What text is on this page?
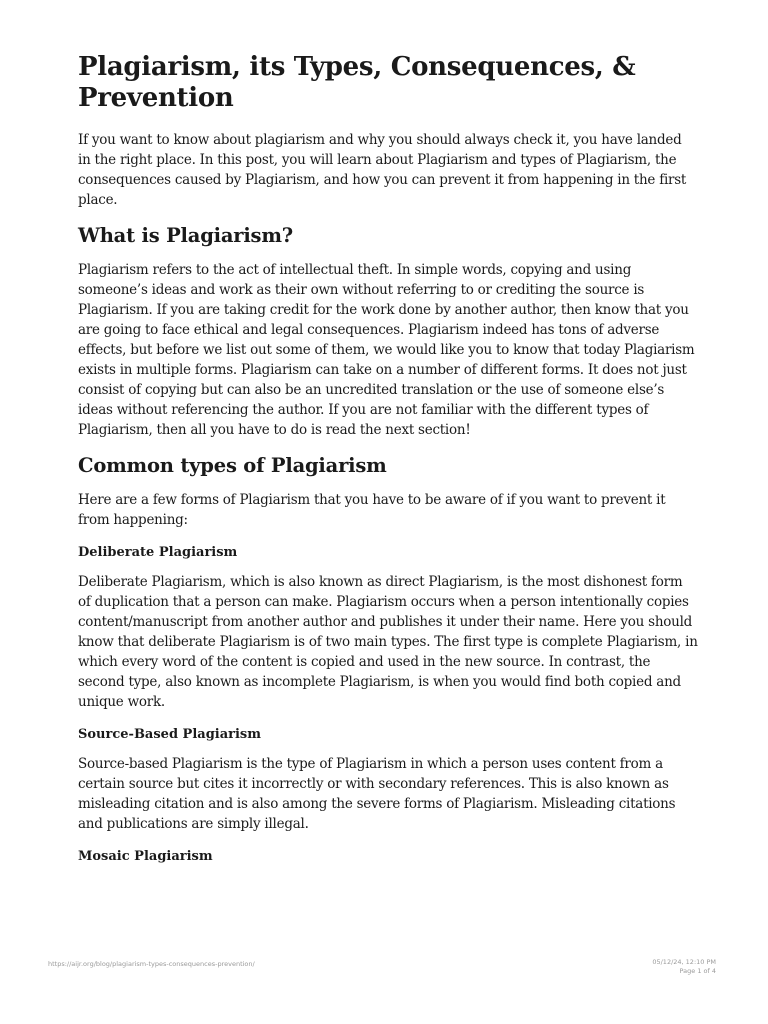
Plagiarism, its Types, Consequences, & Prevention

If you want to know about plagiarism and why you should always check it, you have landed in the right place. In this post, you will learn about Plagiarism and types of Plagiarism, the consequences caused by Plagiarism, and how you can prevent it from happening in the first place.

What is Plagiarism?

Plagiarism refers to the act of intellectual theft. In simple words, copying and using someone’s ideas and work as their own without referring to or crediting the source is Plagiarism. If you are taking credit for the work done by another author, then know that you are going to face ethical and legal consequences. Plagiarism indeed has tons of adverse effects, but before we list out some of them, we would like you to know that today Plagiarism exists in multiple forms. Plagiarism can take on a number of different forms. It does not just consist of copying but can also be an uncredited translation or the use of someone else’s ideas without referencing the author. If you are not familiar with the different types of Plagiarism, then all you have to do is read the next section!

Common types of Plagiarism

Here are a few forms of Plagiarism that you have to be aware of if you want to prevent it from happening:

Deliberate Plagiarism

Deliberate Plagiarism, which is also known as direct Plagiarism, is the most dishonest form of duplication that a person can make. Plagiarism occurs when a person intentionally copies content/manuscript from another author and publishes it under their name. Here you should know that deliberate Plagiarism is of two main types. The first type is complete Plagiarism, in which every word of the content is copied and used in the new source. In contrast, the second type, also known as incomplete Plagiarism, is when you would find both copied and unique work.

Source-Based Plagiarism

Source-based Plagiarism is the type of Plagiarism in which a person uses content from a certain source but cites it incorrectly or with secondary references. This is also known as misleading citation and is also among the severe forms of Plagiarism. Misleading citations and publications are simply illegal.

Mosaic Plagiarism
https://aijr.org/blog/plagiarism-types-consequences-prevention/	05/12/24, 12:10 PM
Page 1 of 4
